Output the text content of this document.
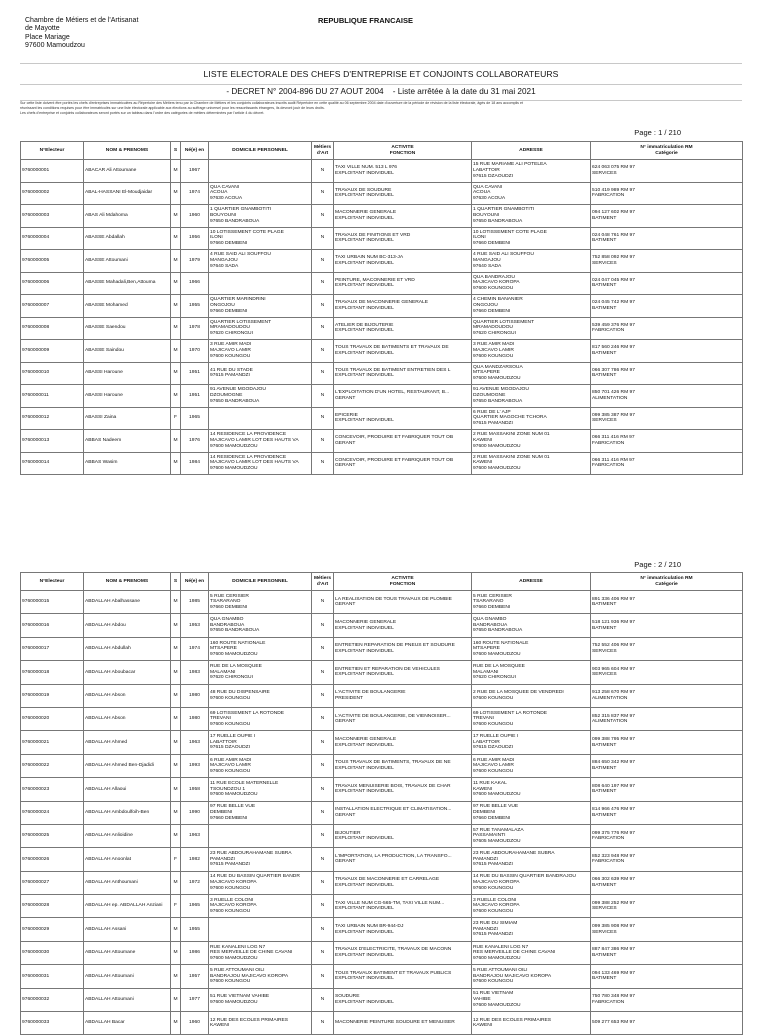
Chambre de Métiers et de l'Artisanat
de Mayotte
Place Mariage
97600 Mamoudzou
REPUBLIQUE FRANCAISE
LISTE ELECTORALE DES CHEFS D'ENTREPRISE ET CONJOINTS COLLABORATEURS
- DECRET N° 2004-896 DU 27 AOUT 2004 - Liste arrêtée à la date du 31 mai 2021
Sur cette liste doivent être portés les chefs d'entreprises immatriculées au Répertoire des Métiers tenu par la Chambre de Métiers et les conjoints collaborateurs inscrits audit Répertoire en cette qualité au 06 septembre 2004 date d'ouverture de la période de révision de la liste électorale, âgés de 18 ans accomplis et
réunissant les conditions requises pour être immatriculés sur une liste électorale applicable aux élections au suffrage universel pour les ressortissants étrangers, ils devront jouir de leurs droits.
Les chefs d'entreprise et conjoints collaborateurs seront portés sur un tableau dans l'ordre des catégories de métiers déterminées par l'article 4 du décret.
Page : 1 / 210
N°Electeur	NOM & PRENOMS	S	Né(e) en	DOMICILE PERSONNEL	Métiers d'Art	ACTIVITE
FONCTION	ADRESSE	N° immatriculation RM
Catégorie
9760000001	ABACAR Ali Attoumane	M	1967		N	TAXI VILLE NUM. 513 L 976
EXPLOITANT INDIVIDUEL	15 RUE MARIAME ALI POTELEA
LABATTOIR
97615 DZAOUDZI	624 063 075 RM 97
SERVICES
9760000002	ABAL-HASSANI El-Moudjaidar	M	1974	QUA CAVANI
ACOUA
97630 ACOUA	N	TRAVAUX DE SOUDURE
EXPLOITANT INDIVIDUEL	QUA CAVANI
ACOUA
97630 ACOUA	510 419 989 RM 97
FABRICATION
9760000003	ABAS Ali Mdahoma	M	1960	1 QUARTIER GNAMBOTITI
BOUYOUNI
97650 BANDRABOUA	N	MACONNERIE GENERALE
EXPLOITANT INDIVIDUEL	1 QUARTIER GNAMBOTITI
BOUYOUNI
97650 BANDRABOUA	094 127 602 RM 97
BATIMENT
9760000004	ABASSE Abdallah	M	1956	10 LOTISSEMENT COTE PLAGE
ILONI
97660 DEMBENI	N	TRAVAUX DE FINITIONS ET VRD
EXPLOITANT INDIVIDUEL	10 LOTISSEMENT COTE PLAGE
ILONI
97660 DEMBENI	024 048 761 RM 97
BATIMENT
9760000005	ABASSE Attoumani	M	1979	4 RUE SAID ALI SOUFFOU
MANGAJOU
97640 SADA	N	TAXI URBAIN NUM BC-313-JA
EXPLOITANT INDIVIDUEL	4 RUE SAID ALI SOUFFOU
MANGAJOU
97640 SADA	752 858 092 RM 97
SERVICES
9760000006	ABASSE Mahadali,Ben,Attoumа	M	1966		N	PEINTURE, MACONNERIE ET VRD
EXPLOITANT INDIVIDUEL	QUA BANDRAJOU
MAJICAVO KOROPA
97600 KOUNGOU	024 047 045 RM 97
BATIMENT
9760000007	ABASSE Mohamed	M	1955	QUARTIER MARINDRINI
ONGOJOU
97660 DEMBENI	N	TRAVAUX DE MACONNERIE GENERALE
EXPLOITANT INDIVIDUEL	4 CHEMIN BANANIER
ONGOJOU
97660 DEMBENI	024 045 742 RM 97
BATIMENT
9760000008	ABASSE Saendou	M	1978	QUARTIER LOTISSEMENT
MRAMADOUDOU
97620 CHIRONGUI	N	ATELIER DE BIJOUTERIE
EXPLOITANT INDIVIDUEL	QUARTIER LOTISSEMENT
MRAMADOUDOU
97620 CHIRONGUI	539 459 376 RM 97
FABRICATION
9760000009	ABASSE Saindou	M	1970	3 RUE AMIR MADI
MAJICAVO LAMIR
97600 KOUNGOU	N	TOUS TRAVAUX DE BATIMENTS ET TRAVAUX DE
EXPLOITANT INDIVIDUEL	3 RUE AMIR MADI
MAJICAVO LAMIR
97600 KOUNGOU	817 560 246 RM 97
BATIMENT
9760000010	ABASSI Haroune	M	1951	41 RUE DU STADE
97615 PAMANDZI	N	TOUS TRAVAUX DE BATIMENT ENTRETIEN DES L
EXPLOITANT INDIVIDUEL	QUA MANDZARSOUA
MTSAPERE
97600 MAMOUDZOU	066 307 786 RM 97
BATIMENT
9760000011	ABASSI Haroune	M	1951	91 AVENUE MGODAJOU
DZOUMOGNE
97650 BANDRABOUA	N	L'EXPLOITATION D'UN HOTEL, RESTAURANT, B...
GERANT	91 AVENUE MGODAJOU
DZOUMOGNE
97650 BANDRABOUA	850 701 426 RM 97
ALIMENTATION
9760000012	ABASSI Zaina	F	1965		N	EPICERIE
EXPLOITANT INDIVIDUEL	6 RUE DE L' AJP
QUARTIER MAGOCHE TCHORA
97615 PAMANDZI	099 385 387 RM 97
SERVICES
9760000013	ABBAS Nadeem	M	1976	14 RESIDENCE LA PROVIDENCE
MAJICAVO LAMIR LOT DES HAUTS VA
97600 MAMOUDZOU	N	CONCEVOIR, PRODUIRE ET FABRIQUER TOUT OB
GERANT	2 RUE MASSAKINI ZONE NUM 01
KAWENI
97600 MAMOUDZOU	066 311 416 RM 97
FABRICATION
9760000014	ABBAS Wasim	M	1984	14 RESIDENCE LA PROVIDENCE
MAJICAVO LAMIR LOT DES HAUTS VA
97600 MAMOUDZOU	N	CONCEVOIR, PRODUIRE ET FABRIQUER TOUT OB
GERANT	2 RUE MASSAKINI ZONE NUM 01
KAWENI
97600 MAMOUDZOU	066 311 416 RM 97
FABRICATION
Page : 2 / 210
N°Electeur	NOM & PRENOMS	S	Né(e) en	DOMICILE PERSONNEL	Métiers d'Art	ACTIVITE
FONCTION	ADRESSE	N° immatriculation RM
Catégorie
9760000015	ABDALLAH Abalhassane	M	1985	5 RUE CERISIER
TSARARANO
97660 DEMBENI	N	LA REALISATION DE TOUS TRAVAUX DE PLOMBIE
GERANT	5 RUE CERISIER
TSARARANO
97660 DEMBENI	891 336 406 RM 97
BATIMENT
9760000016	ABDALLAH Abdou	M	1953	QUA GNAMBO
BANDRABOUA
97650 BANDRABOUA	N	MACONNERIE GENERALE
EXPLOITANT INDIVIDUEL	QUA GNAMBO
BANDRABOUA
97650 BANDRABOUA	518 121 936 RM 97
BATIMENT
9760000017	ABDALLAH Abdullah	M	1974	160 ROUTE NATIONALE
MTSAPERE
97600 MAMOUDZOU	N	ENTRETIEN REPARATION DE PNEUS ET SOUDURE
EXPLOITANT INDIVIDUEL	160 ROUTE NATIONALE
MTSAPERE
97600 MAMOUDZOU	752 552 406 RM 97
SERVICES
9760000018	ABDALLAH Aboubacar	M	1983	RUE DE LA MOSQUEE
MALAMANI
97620 CHIRONGUI	N	ENTRETIEN ET REPARATION DE VEHICULES
EXPLOITANT INDIVIDUEL	RUE DE LA MOSQUEE
MALAMANI
97620 CHIRONGUI	903 965 604 RM 97
SERVICES
9760000019	ABDALLAH Abson	M	1980	48 RUE DU DISPENSAIRE
97600 KOUNGOU	N	L'ACTIVITE DE BOULANGERIE
PRESIDENT	2 RUE DE LA MOSQUEE DE VENDREDI
97600 KOUNGOU	913 258 670 RM 97
ALIMENTATION
9760000020	ABDALLAH Abson	M	1980	69 LOTISSEMENT LA ROTONDE
TREVANI
97600 KOUNGOU	N	L'ACTIVITE DE BOULANGERIE, DE VIENNOISER...
GERANT	69 LOTISSEMENT LA ROTONDE
TREVANI
97600 KOUNGOU	852 315 837 RM 97
ALIMENTATION
9760000021	ABDALLAH Ahmed	M	1963	17 RUELLE OUPIE I
LABATTOIR
97615 DZAOUDZI	N	MACONNERIE GENERALE
EXPLOITANT INDIVIDUEL	17 RUELLE OUPIE I
LABATTOIR
97615 DZAOUDZI	099 388 795 RM 97
BATIMENT
9760000022	ABDALLAH Ahmed Ben-Djadidi	M	1993	6 RUE AMIR MADI
MAJICAVO LAMIR
97600 KOUNGOU	N	TOUS TRAVAUX DE BATIMENTS, TRAVAUX DE NE
EXPLOITANT INDIVIDUEL	6 RUE AMIR MADI
MAJICAVO LAMIR
97600 KOUNGOU	884 650 342 RM 97
BATIMENT
9760000023	ABDALLAH Allaoui	M	1958	11 RUE ECOLE MATERNELLE
TSOUNDZOU 1
97600 MAMOUDZOU	N	TRAVAUX MENUISERIE BOIS, TRAVAUX DE CHAR
EXPLOITANT INDIVIDUEL	11 RUE KAKAL
KAWENI
97600 MAMOUDZOU	808 640 197 RM 97
BATIMENT
9760000024	ABDALLAH Ambdoulfoih-Ben	M	1990	97 RUE BELLE VUE
DEMBENI
97660 DEMBENI	N	INSTALLATION ELECTRIQUE ET CLIMATISATION...
GERANT	97 RUE BELLE VUE
DEMBENI
97660 DEMBENI	814 966 476 RM 97
BATIMENT
9760000025	ABDALLAH Anlioidine	M	1963		N	BIJOUTIER
EXPLOITANT INDIVIDUEL	57 RUE TANAMALAZA
PASSAMAINTI
97605 MAMOUDZOU	099 375 776 RM 97
FABRICATION
9760000026	ABDALLAH Anoonlat	F	1982	23 RUE ABDOURAHAMANE SUBRA
PAMANDZI
97615 PAMANDZI	N	L'IMPORTATION, LA PRODUCTION, LA TRANSFO...
GERANT	23 RUE ABDOURAHAMANE SUBRA
PAMANDZI
97615 PAMANDZI	852 323 948 RM 97
FABRICATION
9760000027	ABDALLAH Anthoumani	M	1972	14 RUE DU BASSIN QUARTIER BANDR
MAJICAVO KOROPA
97600 KOUNGOU	N	TRAVAUX DE MACONNERIE ET CARRELAGE
EXPLOITANT INDIVIDUEL	14 RUE DU BASSIN QUARTIER BANDRAJOU
MAJICAVO KOROPA
97600 KOUNGOU	066 302 639 RM 97
BATIMENT
9760000028	ABDALLAH ep. ABDALLAH Anziani	F	1965	3 RUELLE COLONI
MAJICAVO KOROPA
97600 KOUNGOU	N	TAXI VILLE NUM CG-565-TM, TAXI VILLE NUM...
EXPLOITANT INDIVIDUEL	3 RUELLE COLONI
MAJICAVO KOROPA
97600 KOUNGOU	099 388 252 RM 97
SERVICES
9760000029	ABDALLAH Assani	M	1955		N	TAXI URBAIN NUM BR-944-DJ
EXPLOITANT INDIVIDUEL	23 RUE DU SIMIAM
PAMANDZI
97615 PAMANDZI	099 385 908 RM 97
SERVICES
9760000030	ABDALLAH Attoumane	M	1986	RUE KANALENI LOG N7
RES MERVEILLE DE CHINE CAVANI
97600 MAMOUDZOU	N	TRAVAUX D'ELECTRICITE, TRAVAUX DE MACONN
EXPLOITANT INDIVIDUEL	RUE KANALENI LOG N7
RES MERVEILLE DE CHINE CAVANI
97600 MAMOUDZOU	887 847 386 RM 97
BATIMENT
9760000031	ABDALLAH Attoumani	M	1957	5 RUE ATTOUMANI OILI
BANDRAJOU MAJICAVO KOROPA
97600 KOUNGOU	N	TOUS TRAVAUX BATIMENT ET TRAVAUX PUBLICS
EXPLOITANT INDIVIDUEL	5 RUE ATTOUMANI OILI
BANDRAJOU MAJICAVO KOROPA
97600 KOUNGOU	094 133 469 RM 97
BATIMENT
9760000032	ABDALLAH Attoumani	M	1977	51 RUE VIETNAM VAHIBE
97600 MAMOUDZOU	N	SOUDURE
EXPLOITANT INDIVIDUEL	51 RUE VIETNAM
VAHIBE
97600 MAMOUDZOU	750 780 348 RM 97
FABRICATION
9760000033	ABDALLAH Bacar	M	1960	12 RUE DES ECOLES PRIMAIRES
KAWENI	N	MACONNERIE PEINTURE SOUDURE ET MENUISER	12 RUE DES ECOLES PRIMAIRES
KAWENI	509 277 653 RM 97
